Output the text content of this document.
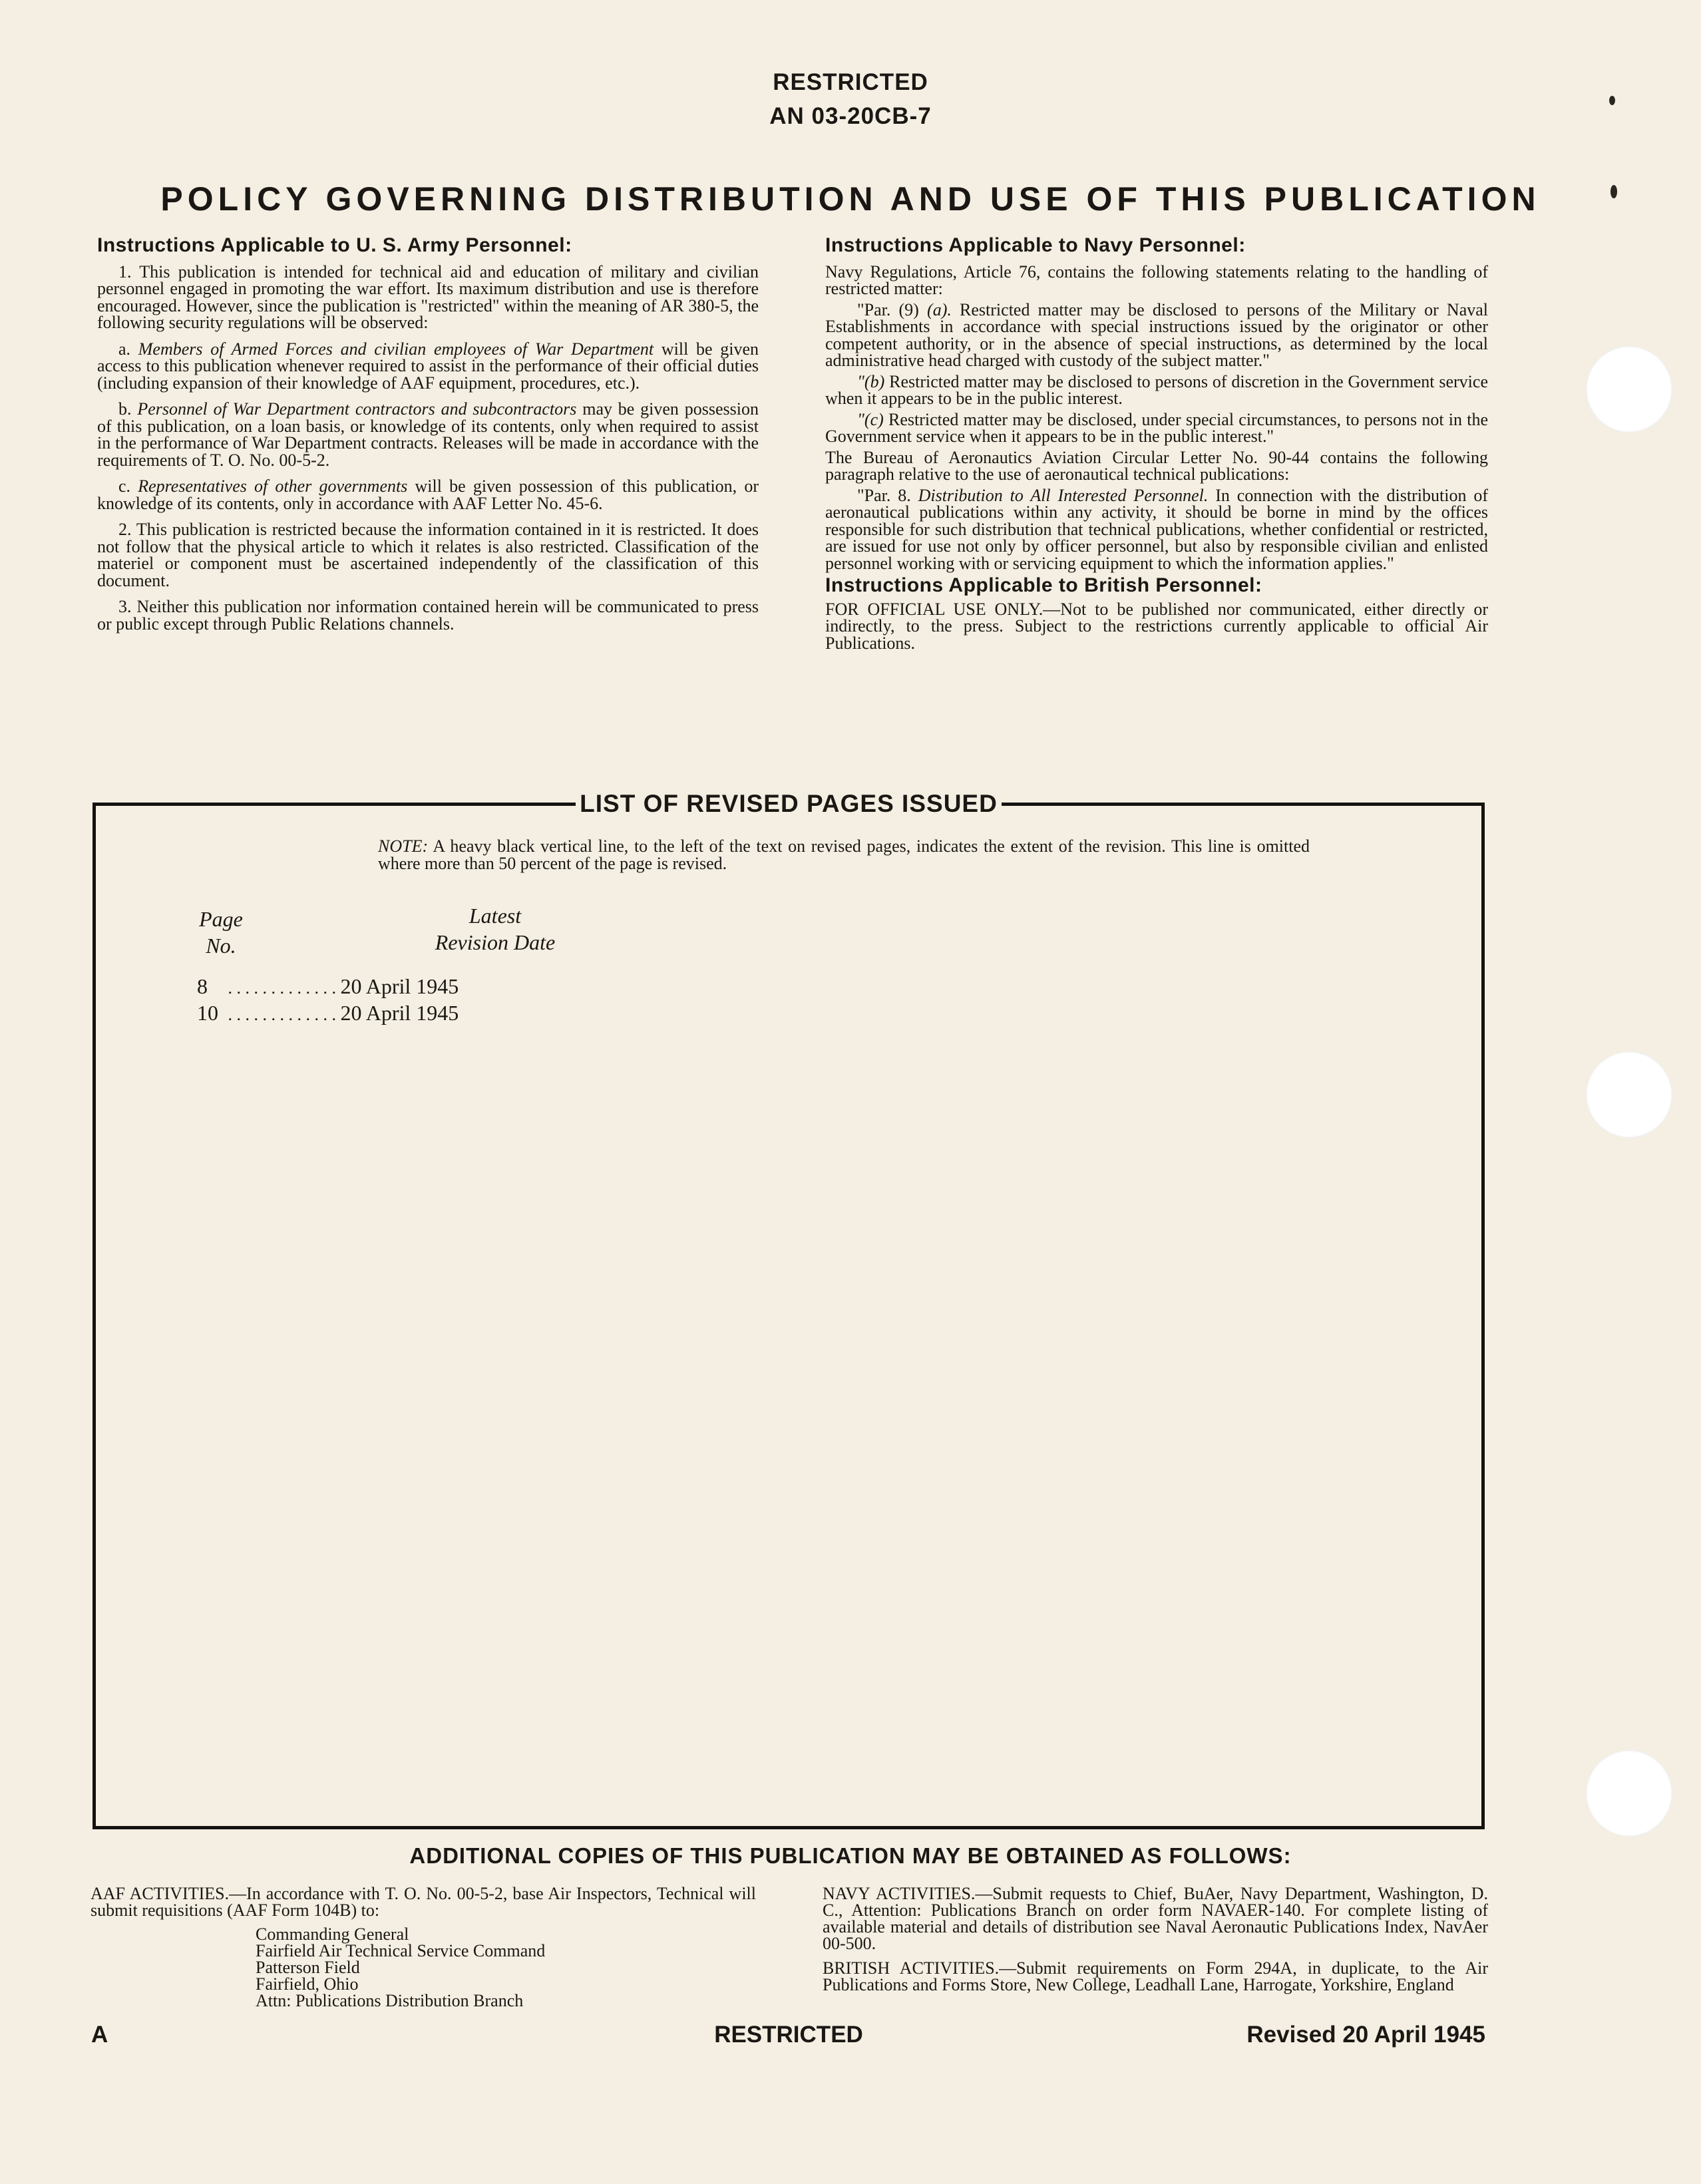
RESTRICTED
AN 03-20CB-7
POLICY GOVERNING DISTRIBUTION AND USE OF THIS PUBLICATION
Instructions Applicable to U. S. Army Personnel:

1. This publication is intended for technical aid and education of military and civilian personnel engaged in promoting the war effort. Its maximum distribution and use is therefore encouraged. However, since the publication is "restricted" within the meaning of AR 380-5, the following security regulations will be observed:

a. Members of Armed Forces and civilian employees of War Department will be given access to this publication whenever required to assist in the performance of their official duties (including expansion of their knowledge of AAF equipment, procedures, etc.).

b. Personnel of War Department contractors and subcontractors may be given possession of this publication, on a loan basis, or knowledge of its contents, only when required to assist in the performance of War Department contracts. Releases will be made in accordance with the requirements of T. O. No. 00-5-2.

c. Representatives of other governments will be given possession of this publication, or knowledge of its contents, only in accordance with AAF Letter No. 45-6.

2. This publication is restricted because the information contained in it is restricted. It does not follow that the physical article to which it relates is also restricted. Classification of the materiel or component must be ascertained independently of the classification of this document.

3. Neither this publication nor information contained herein will be communicated to press or public except through Public Relations channels.

Instructions Applicable to Navy Personnel:

Navy Regulations, Article 76, contains the following statements relating to the handling of restricted matter:

"Par. (9) (a). Restricted matter may be disclosed to persons of the Military or Naval Establishments in accordance with special instructions issued by the originator or other competent authority, or in the absence of special instructions, as determined by the local administrative head charged with custody of the subject matter."

"(b) Restricted matter may be disclosed to persons of discretion in the Government service when it appears to be in the public interest.

"(c) Restricted matter may be disclosed, under special circumstances, to persons not in the Government service when it appears to be in the public interest."

The Bureau of Aeronautics Aviation Circular Letter No. 90-44 contains the following paragraph relative to the use of aeronautical technical publications:

"Par. 8. Distribution to All Interested Personnel. In connection with the distribution of aeronautical publications within any activity, it should be borne in mind by the offices responsible for such distribution that technical publications, whether confidential or restricted, are issued for use not only by officer personnel, but also by responsible civilian and enlisted personnel working with or servicing equipment to which the information applies."

Instructions Applicable to British Personnel:

FOR OFFICIAL USE ONLY.—Not to be published nor communicated, either directly or indirectly, to the press. Subject to the restrictions currently applicable to official Air Publications.

LIST OF REVISED PAGES ISSUED
NOTE: A heavy black vertical line, to the left of the text on revised pages, indicates the extent of the revision. This line is omitted where more than 50 percent of the page is revised.
Page
No.
Latest
Revision Date
8 . . . . . . . . . . . . . 20 April 1945
10 . . . . . . . . . . . . . 20 April 1945
ADDITIONAL COPIES OF THIS PUBLICATION MAY BE OBTAINED AS FOLLOWS:
AAF ACTIVITIES.—In accordance with T. O. No. 00-5-2, base Air Inspectors, Technical will submit requisitions (AAF Form 104B) to:
Commanding General
Fairfield Air Technical Service Command
Patterson Field
Fairfield, Ohio
Attn: Publications Distribution Branch
NAVY ACTIVITIES.—Submit requests to Chief, BuAer, Navy Department, Washington, D. C., Attention: Publications Branch on order form NAVAER-140. For complete listing of available material and details of distribution see Naval Aeronautic Publications Index, NavAer 00-500.
BRITISH ACTIVITIES.—Submit requirements on Form 294A, in duplicate, to the Air Publications and Forms Store, New College, Leadhall Lane, Harrogate, Yorkshire, England
A	RESTRICTED	Revised 20 April 1945
